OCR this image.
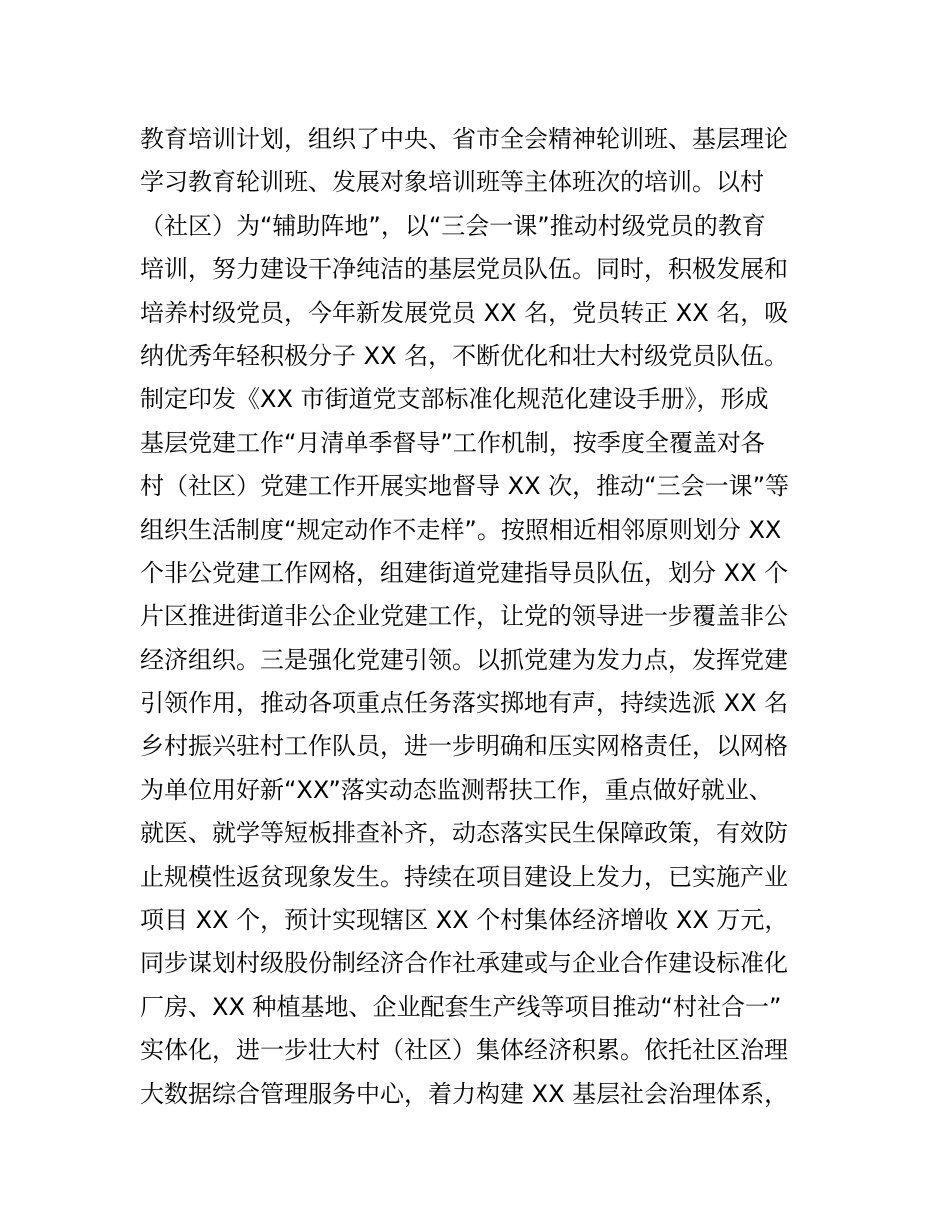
教育培训计划，组织了中央、省市全会精神轮训班、基层理论
学习教育轮训班、发展对象培训班等主体班次的培训。以村
（社区）为“辅助阵地”，以“三会一课”推动村级党员的教育
培训，努力建设干净纯洁的基层党员队伍。同时，积极发展和
培养村级党员，今年新发展党员 XX 名，党员转正 XX 名，吸
纳优秀年轻积极分子 XX 名，不断优化和壮大村级党员队伍。
制定印发《XX 市街道党支部标准化规范化建设手册》，形成
基层党建工作“月清单季督导”工作机制，按季度全覆盖对各
村（社区）党建工作开展实地督导 XX 次，推动“三会一课”等
组织生活制度“规定动作不走样”。按照相近相邻原则划分 XX
个非公党建工作网格，组建街道党建指导员队伍，划分 XX 个
片区推进街道非公企业党建工作，让党的领导进一步覆盖非公
经济组织。三是强化党建引领。以抓党建为发力点，发挥党建
引领作用，推动各项重点任务落实掷地有声，持续选派 XX 名
乡村振兴驻村工作队员，进一步明确和压实网格责任，以网格
为单位用好新“XX”落实动态监测帮扶工作，重点做好就业、
就医、就学等短板排查补齐，动态落实民生保障政策，有效防
止规模性返贫现象发生。持续在项目建设上发力，已实施产业
项目 XX 个，预计实现辖区 XX 个村集体经济增收 XX 万元，
同步谋划村级股份制经济合作社承建或与企业合作建设标准化
厂房、XX 种植基地、企业配套生产线等项目推动“村社合一”
实体化，进一步壮大村（社区）集体经济积累。依托社区治理
大数据综合管理服务中心，着力构建 XX 基层社会治理体系，
